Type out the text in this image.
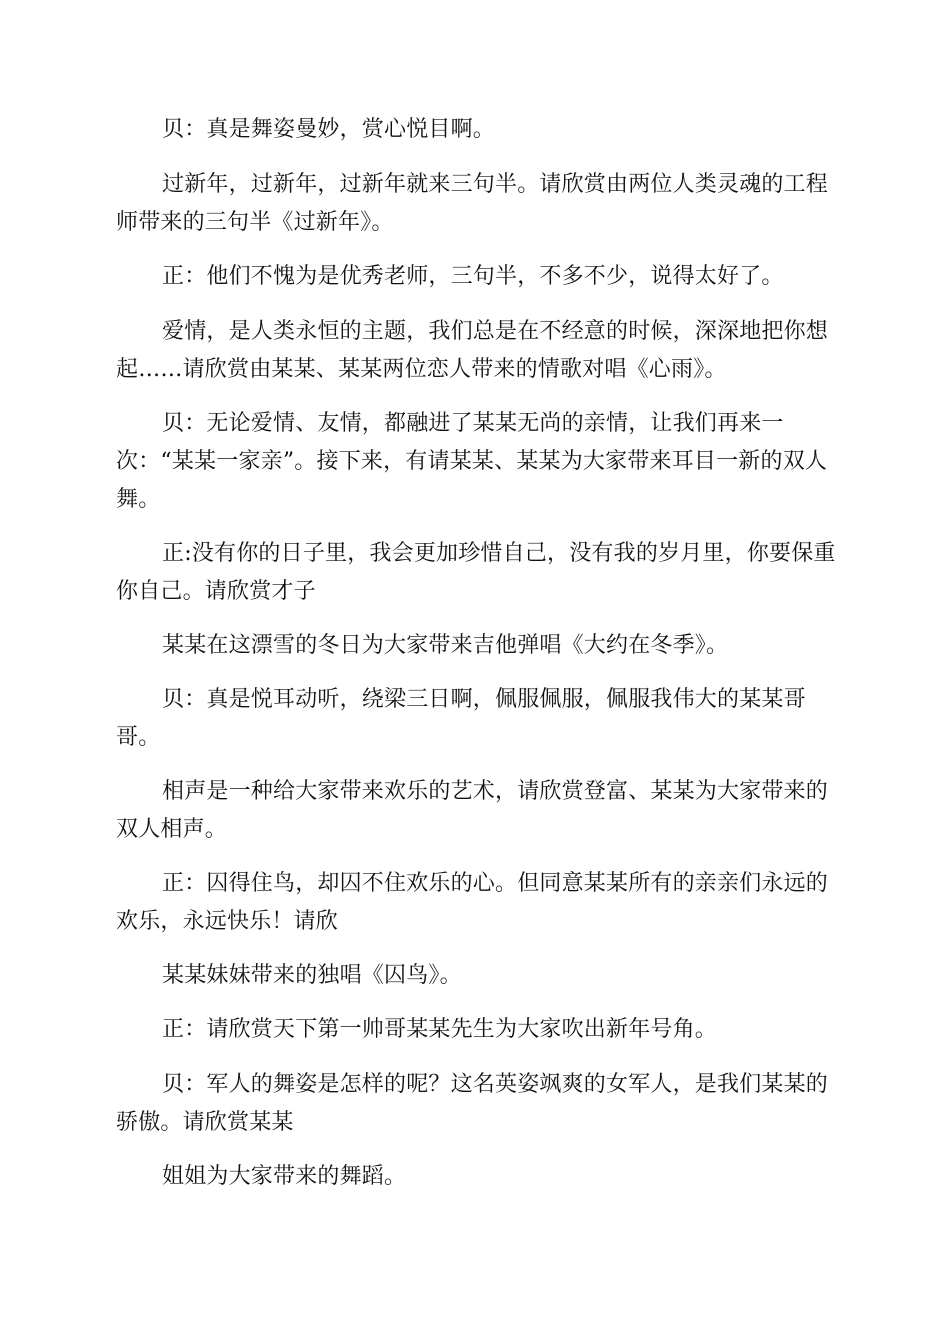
贝：真是舞姿曼妙，赏心悦目啊。

过新年，过新年，过新年就来三句半。请欣赏由两位人类灵魂的工程师带来的三句半《过新年》。

正：他们不愧为是优秀老师，三句半，不多不少，说得太好了。

爱情，是人类永恒的主题，我们总是在不经意的时候，深深地把你想起……请欣赏由某某、某某两位恋人带来的情歌对唱《心雨》。

贝：无论爱情、友情，都融进了某某无尚的亲情，让我们再来一次：“某某一家亲”。接下来，有请某某、某某为大家带来耳目一新的双人舞。

正:没有你的日子里，我会更加珍惜自己，没有我的岁月里，你要保重你自己。请欣赏才子

某某在这漂雪的冬日为大家带来吉他弹唱《大约在冬季》。

贝：真是悦耳动听，绕梁三日啊，佩服佩服，佩服我伟大的某某哥哥。

相声是一种给大家带来欢乐的艺术，请欣赏登富、某某为大家带来的双人相声。

正：囚得住鸟，却囚不住欢乐的心。但同意某某所有的亲亲们永远的欢乐，永远快乐！请欣

某某妹妹带来的独唱《囚鸟》。

正：请欣赏天下第一帅哥某某先生为大家吹出新年号角。

贝：军人的舞姿是怎样的呢？这名英姿飒爽的女军人，是我们某某的骄傲。请欣赏某某

姐姐为大家带来的舞蹈。
